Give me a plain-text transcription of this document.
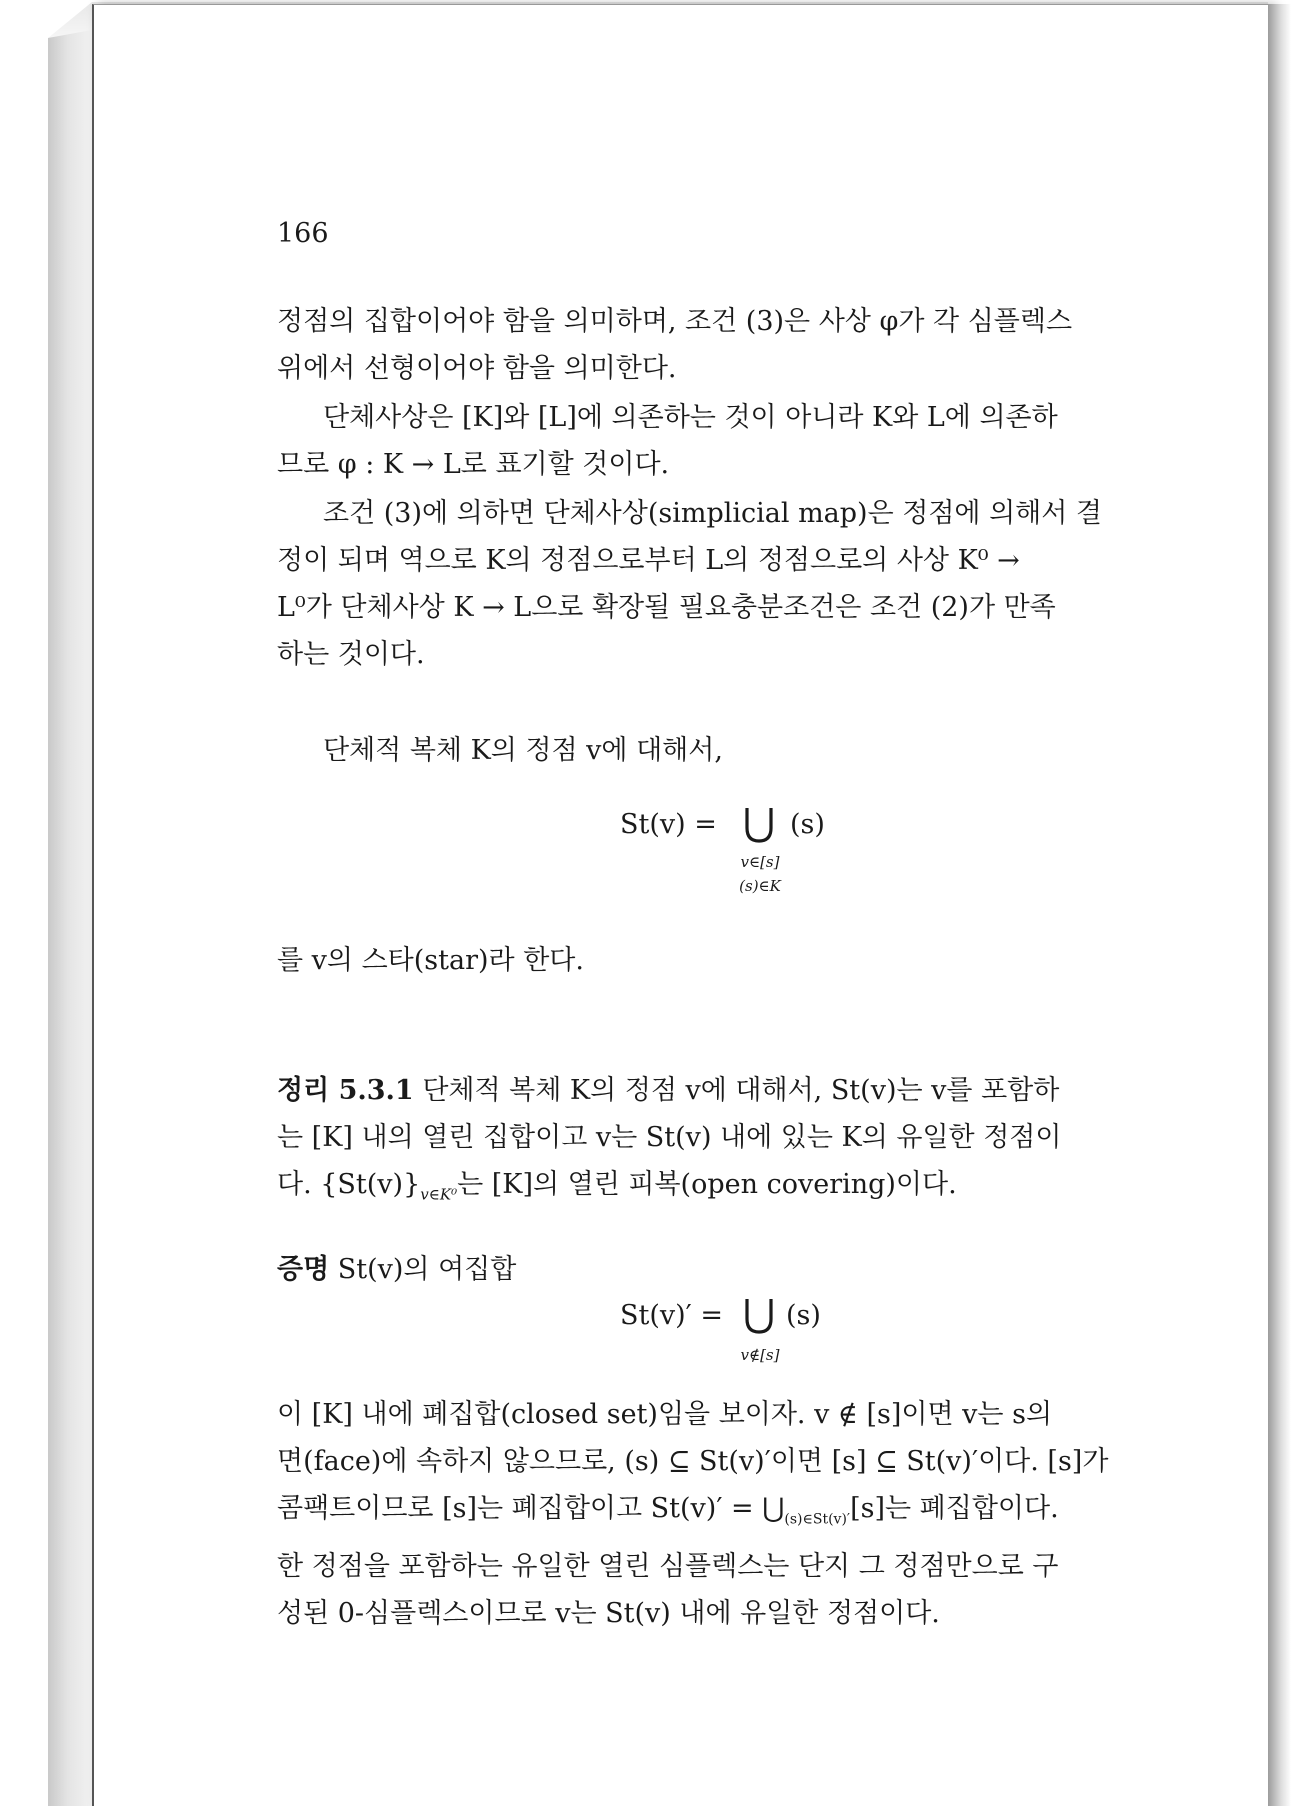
166
정점의 집합이어야 함을 의미하며, 조건 (3)은 사상 φ가 각 심플렉스
위에서 선형이어야 함을 의미한다.
단체사상은 [K]와 [L]에 의존하는 것이 아니라 K와 L에 의존하
므로 φ : K → L로 표기할 것이다.
조건 (3)에 의하면 단체사상(simplicial map)은 정점에 의해서 결
정이 되며 역으로 K의 정점으로부터 L의 정점으로의 사상 K⁰ →
L⁰가 단체사상 K → L으로 확장될 필요충분조건은 조건 (2)가 만족
하는 것이다.
단체적 복체 K의 정점 v에 대해서,
St(v) =	(s)
v∈[s]
(s)∈K
를 v의 스타(star)라 한다.
정리 5.3.1 단체적 복체 K의 정점 v에 대해서, St(v)는 v를 포함하
는 [K] 내의 열린 집합이고 v는 St(v) 내에 있는 K의 유일한 정점이
다. $\{St(v)\}_{v\in K^0}$는 [K]의 열린 피복(open covering)이다.
증명 St(v)의 여집합
St(v)′ = (s)
v∉[s]
이 [K] 내에 폐집합(closed set)임을 보이자. v ∉ [s]이면 v는 s의
면(face)에 속하지 않으므로, (s) ⊆ St(v)′이면 [s] ⊆ St(v)′이다. [s]가
콤팩트이므로 [s]는 폐집합이고 $St(v)' = ⋃_{(s)\in St(v)'}[s]$는 폐집합이다.
한 정점을 포함하는 유일한 열린 심플렉스는 단지 그 정점만으로 구
성된 0-심플렉스이므로 v는 St(v) 내에 유일한 정점이다.
